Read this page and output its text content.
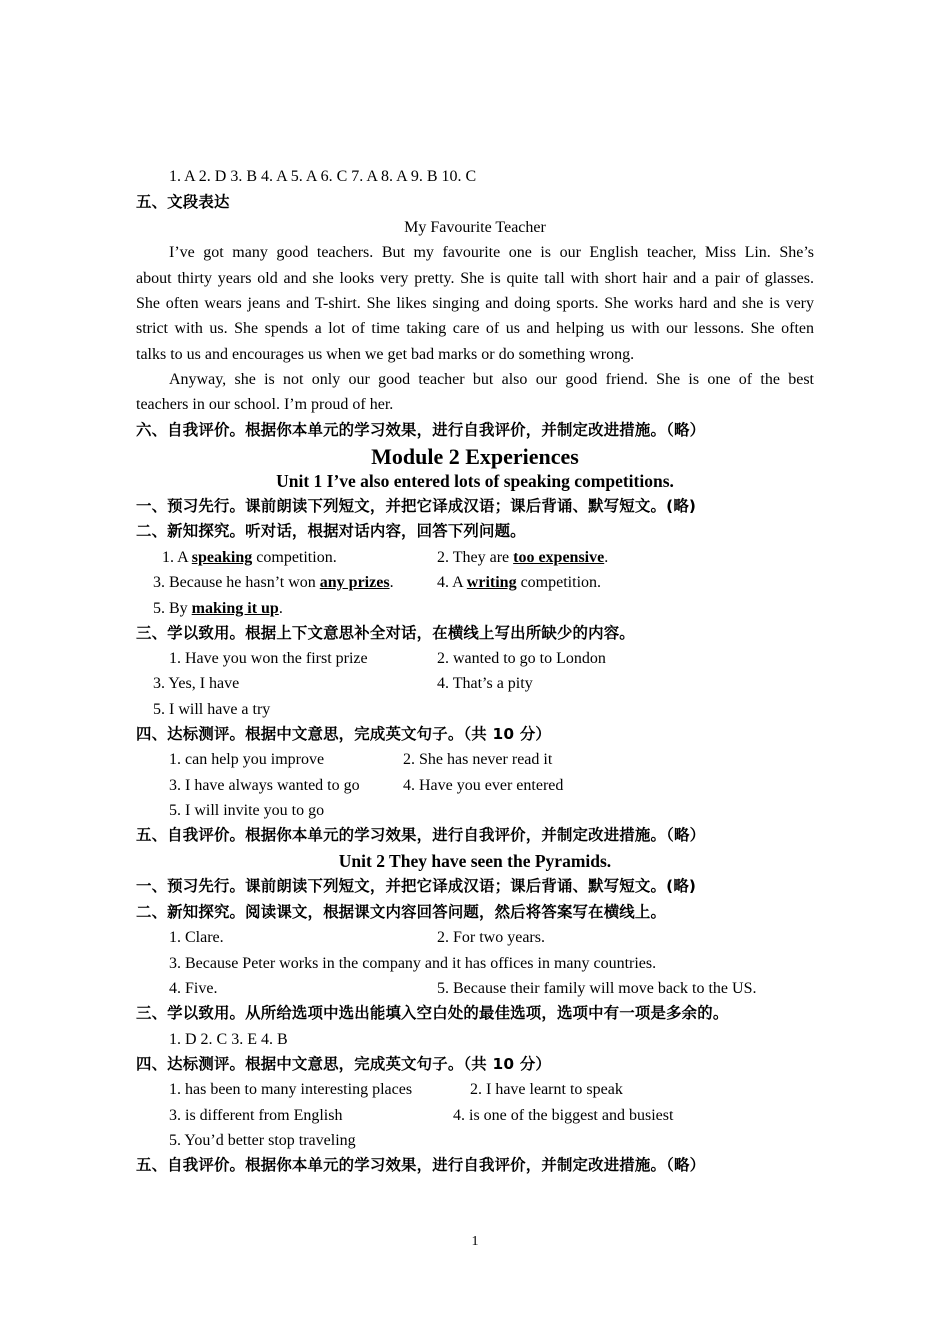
1. A 2. D 3. B 4. A 5. A 6. C 7. A 8. A 9. B 10. C
五、文段表达
My Favourite Teacher
I’ve got many good teachers. But my favourite one is our English teacher, Miss Lin. She’s
about thirty years old and she looks very pretty. She is quite tall with short hair and a pair of glasses.
She often wears jeans and T-shirt. She likes singing and doing sports. She works hard and she is very
strict with us. She spends a lot of time taking care of us and helping us with our lessons. She often
talks to us and encourages us when we get bad marks or do something wrong.
Anyway, she is not only our good teacher but also our good friend. She is one of the best
teachers in our school. I’m proud of her.
六、自我评价。根据你本单元的学习效果，进行自我评价，并制定改进措施。（略）
Module 2 Experiences
Unit 1 I’ve also entered lots of speaking competitions.
一、预习先行。课前朗读下列短文，并把它译成汉语；课后背诵、默写短文。(略)
二、新知探究。听对话，根据对话内容，回答下列问题。
1. A speaking competition.	2. They are too expensive.
3. Because he hasn’t won any prizes.	4. A writing competition.
5. By making it up.
三、学以致用。根据上下文意思补全对话，在横线上写出所缺少的内容。
1. Have you won the first prize	2. wanted to go to London
3. Yes, I have	4. That’s a pity
5. I will have a try
四、达标测评。根据中文意思，完成英文句子。（共 10 分）
1. can help you improve	2. She has never read it
3. I have always wanted to go	4. Have you ever entered
5. I will invite you to go
五、自我评价。根据你本单元的学习效果，进行自我评价，并制定改进措施。（略）
Unit 2 They have seen the Pyramids.
一、预习先行。课前朗读下列短文，并把它译成汉语；课后背诵、默写短文。(略)
二、新知探究。阅读课文，根据课文内容回答问题，然后将答案写在横线上。
1. Clare.	2. For two years.
3. Because Peter works in the company and it has offices in many countries.
4. Five.	5. Because their family will move back to the US.
三、学以致用。从所给选项中选出能填入空白处的最佳选项，选项中有一项是多余的。
1. D 2. C 3. E 4. B
四、达标测评。根据中文意思，完成英文句子。（共 10 分）
1. has been to many interesting places	2. I have learnt to speak
3. is different from English	4. is one of the biggest and busiest
5. You’d better stop traveling
五、自我评价。根据你本单元的学习效果，进行自我评价，并制定改进措施。（略）
1
